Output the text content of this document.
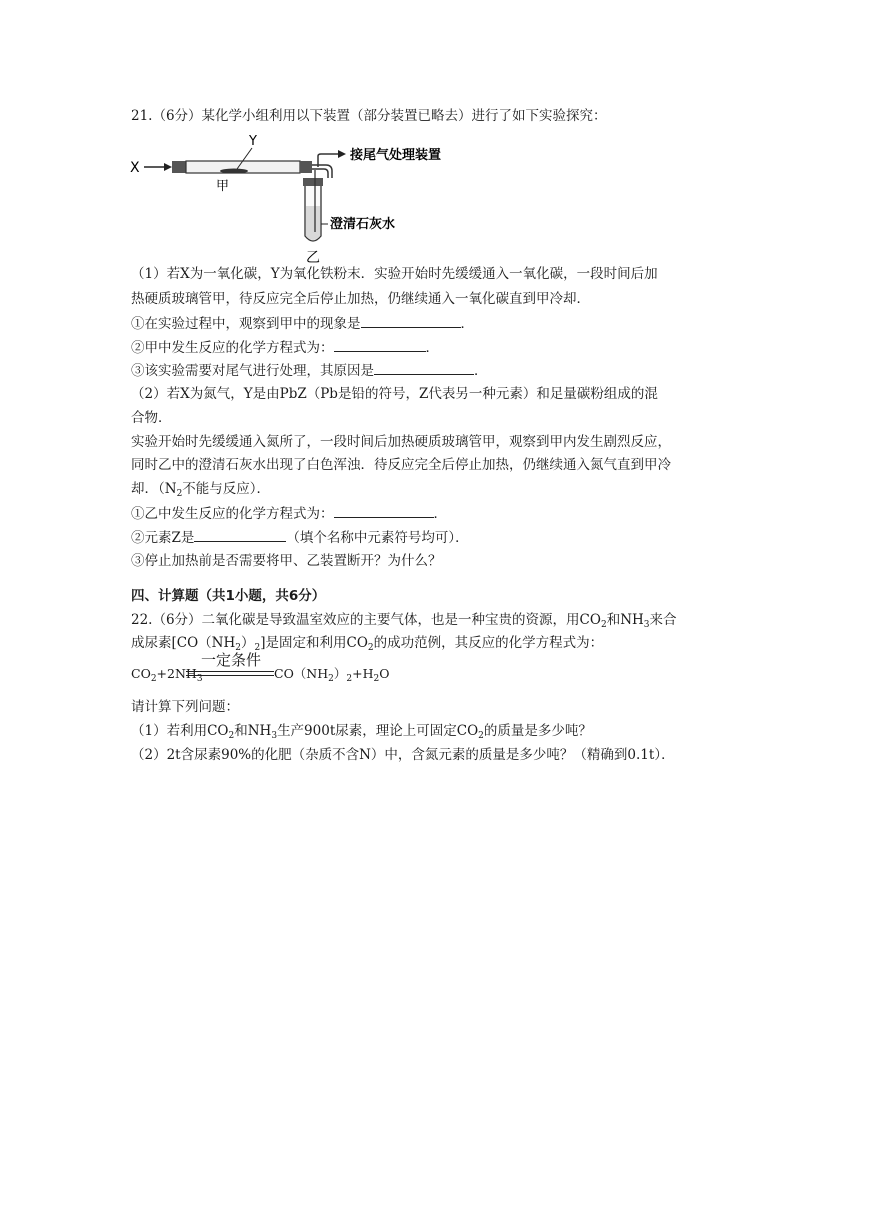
21.（6分）某化学小组利用以下装置（部分装置已略去）进行了如下实验探究：
X
Y
甲
接尾气处理装置
澄清石灰水
乙
（1）若X为一氧化碳，Y为氧化铁粉末．实验开始时先缓缓通入一氧化碳，一段时间后加
热硬质玻璃管甲，待反应完全后停止加热，仍继续通入一氧化碳直到甲冷却．
①在实验过程中，观察到甲中的现象是	．
②甲中发生反应的化学方程式为：	．
③该实验需要对尾气进行处理，其原因是	．
（2）若X为氮气，Y是由PbZ（Pb是铅的符号，Z代表另一种元素）和足量碳粉组成的混
合物．
实验开始时先缓缓通入氮所了，一段时间后加热硬质玻璃管甲，观察到甲内发生剧烈反应，
同时乙中的澄清石灰水出现了白色浑浊．待反应完全后停止加热，仍继续通入氮气直到甲冷
却．（$N_2$不能与反应）．
①乙中发生反应的化学方程式为：	．
②元素Z是	（填个名称中元素符号均可）．
③停止加热前是否需要将甲、乙装置断开？为什么？
四、计算题（共1小题，共6分）
22.（6分）二氧化碳是导致温室效应的主要气体，也是一种宝贵的资源，用$CO_2$和$NH_3$来合
成尿素$[CO(NH_2)_2]$是固定和利用$CO_2$的成功范例，其反应的化学方程式为：
一定条件
$CO_2+2NH_3$	$CO(NH_2)_2+H_2O$
请计算下列问题：
（1）若利用$CO_2$和$NH_3$生产900t尿素，理论上可固定$CO_2$的质量是多少吨？
（2）2t含尿素90%的化肥（杂质不含N）中，含氮元素的质量是多少吨？（精确到0.1t）．
